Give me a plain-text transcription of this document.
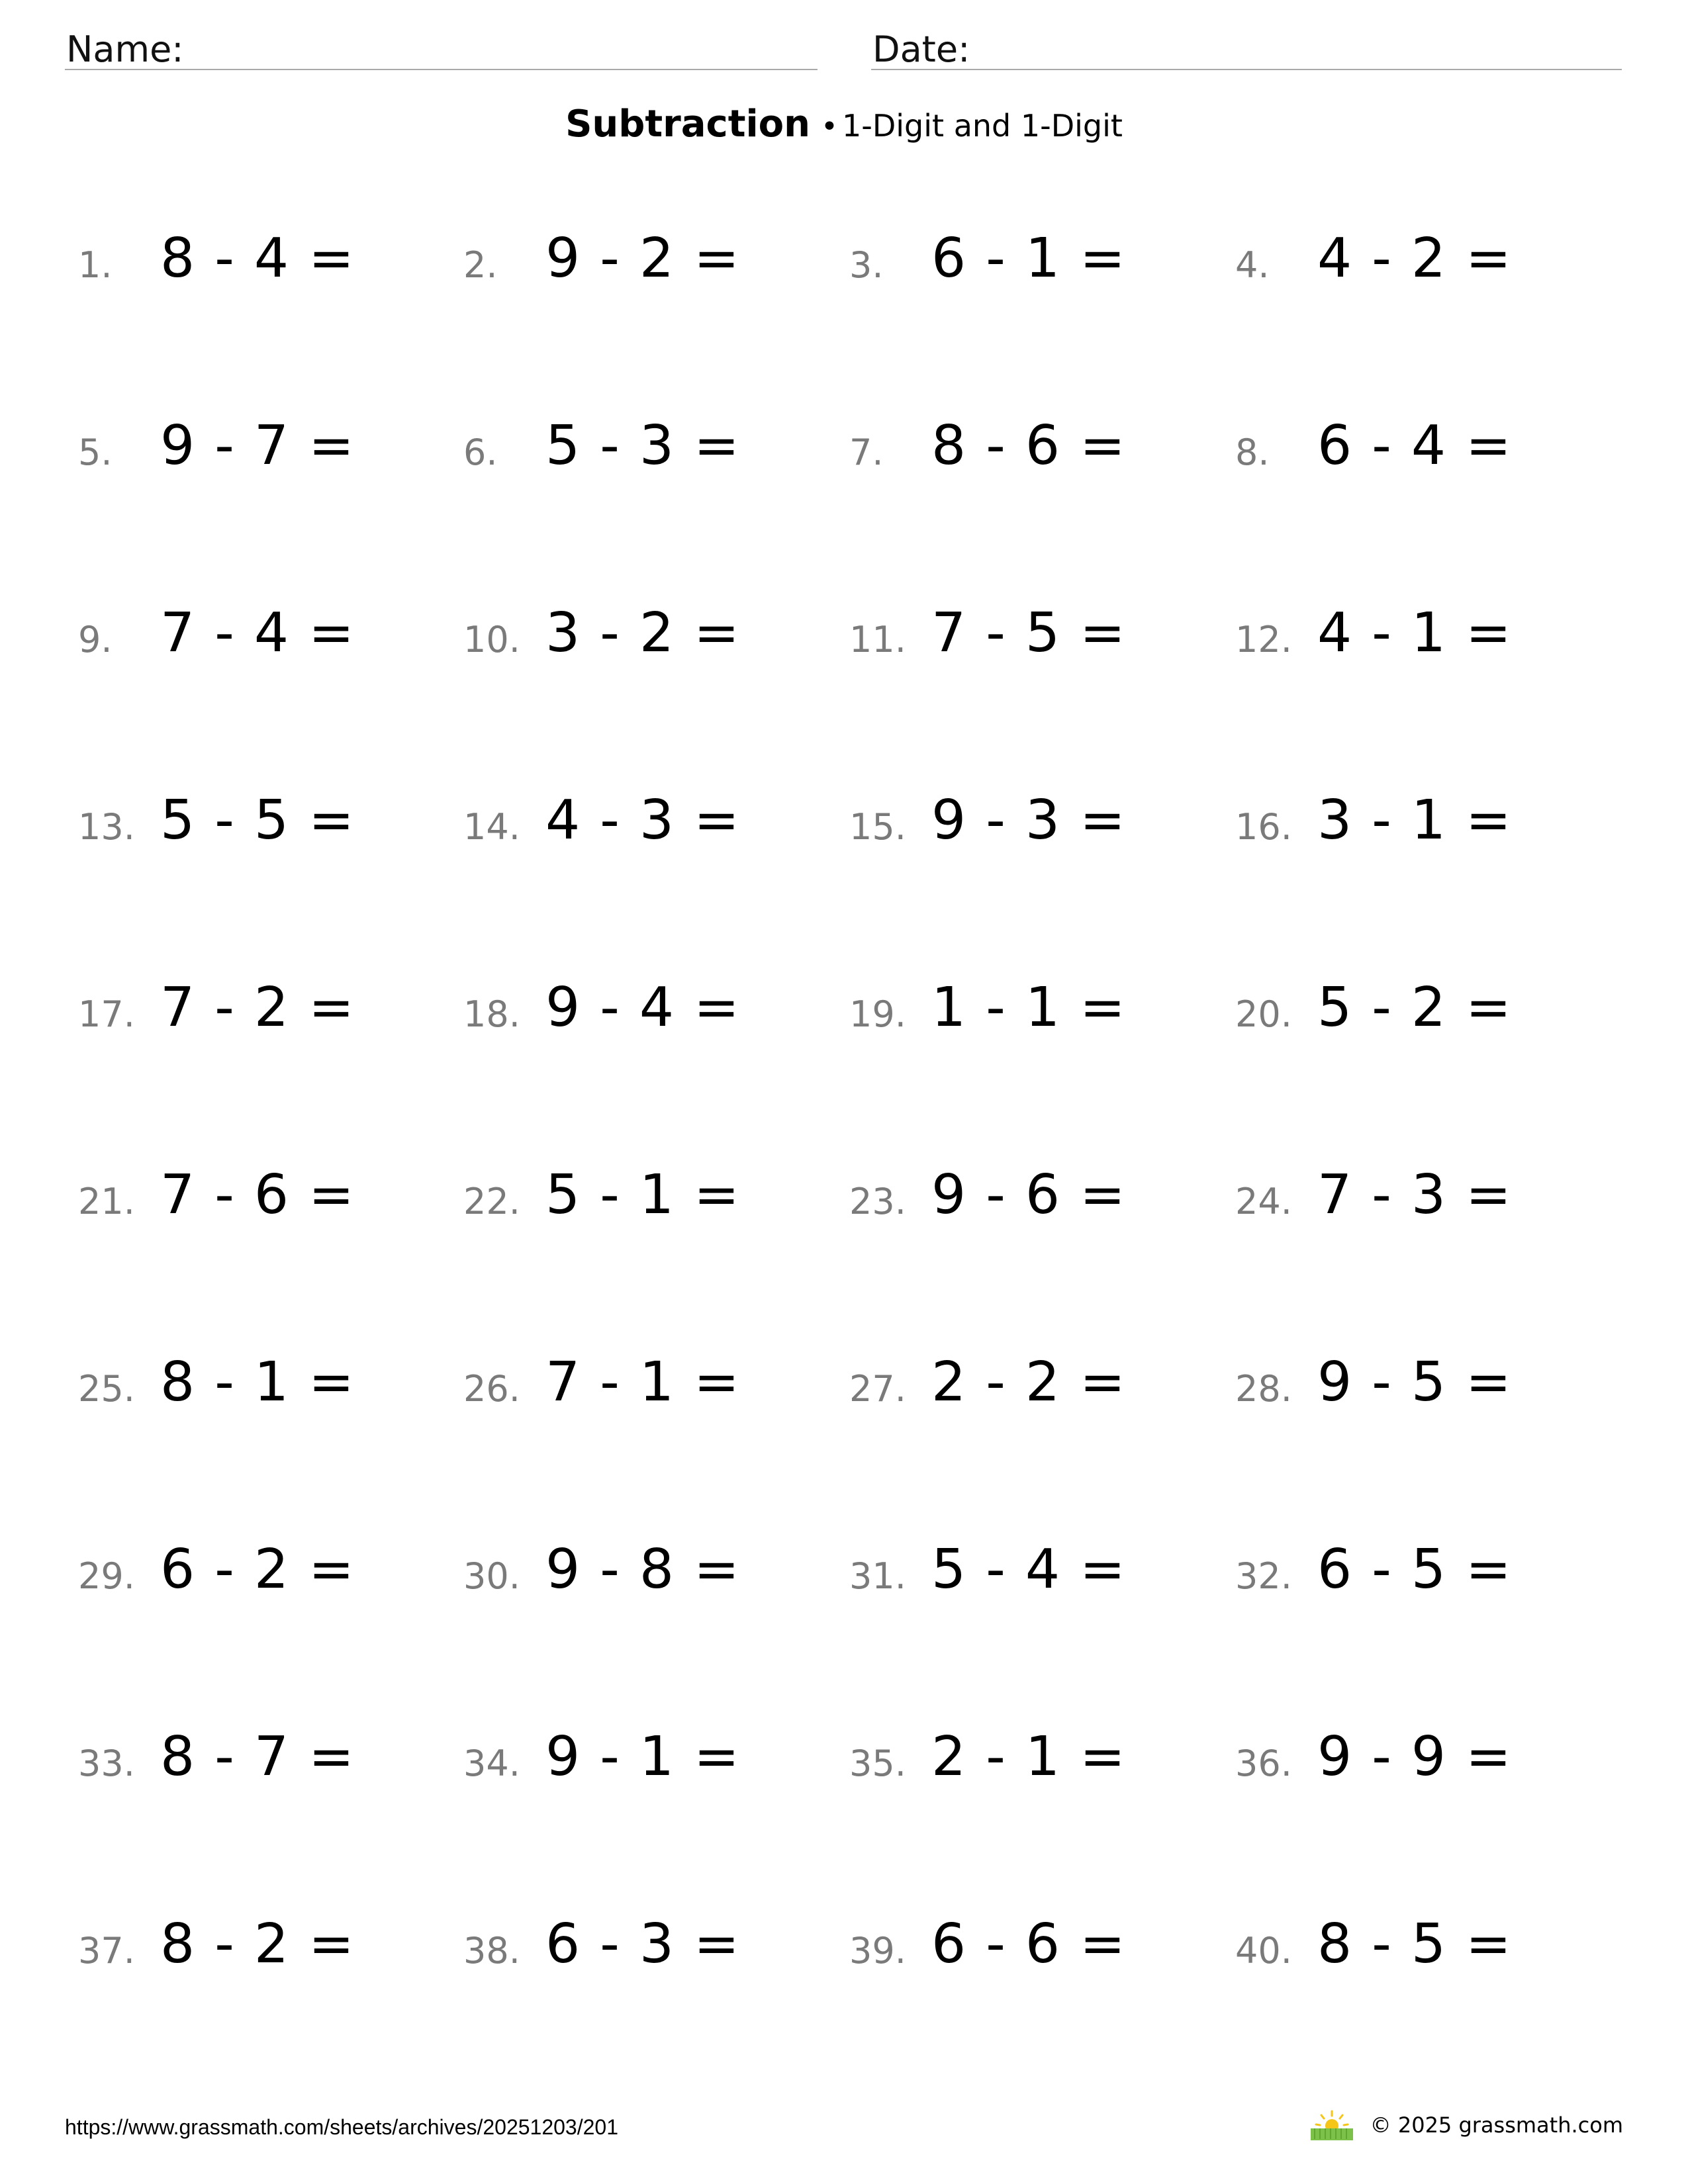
Name:	Date:
Subtraction • 1-Digit and 1-Digit
1. 8 - 4 =	2. 9 - 2 =	3. 6 - 1 =	4. 4 - 2 =
5. 9 - 7 =	6. 5 - 3 =	7. 8 - 6 =	8. 6 - 4 =
9. 7 - 4 =	10. 3 - 2 =	11. 7 - 5 =	12. 4 - 1 =
13. 5 - 5 =	14. 4 - 3 =	15. 9 - 3 =	16. 3 - 1 =
17. 7 - 2 =	18. 9 - 4 =	19. 1 - 1 =	20. 5 - 2 =
21. 7 - 6 =	22. 5 - 1 =	23. 9 - 6 =	24. 7 - 3 =
25. 8 - 1 =	26. 7 - 1 =	27. 2 - 2 =	28. 9 - 5 =
29. 6 - 2 =	30. 9 - 8 =	31. 5 - 4 =	32. 6 - 5 =
33. 8 - 7 =	34. 9 - 1 =	35. 2 - 1 =	36. 9 - 9 =
37. 8 - 2 =	38. 6 - 3 =	39. 6 - 6 =	40. 8 - 5 =
https://www.grassmath.com/sheets/archives/20251203/201	© 2025 grassmath.com
